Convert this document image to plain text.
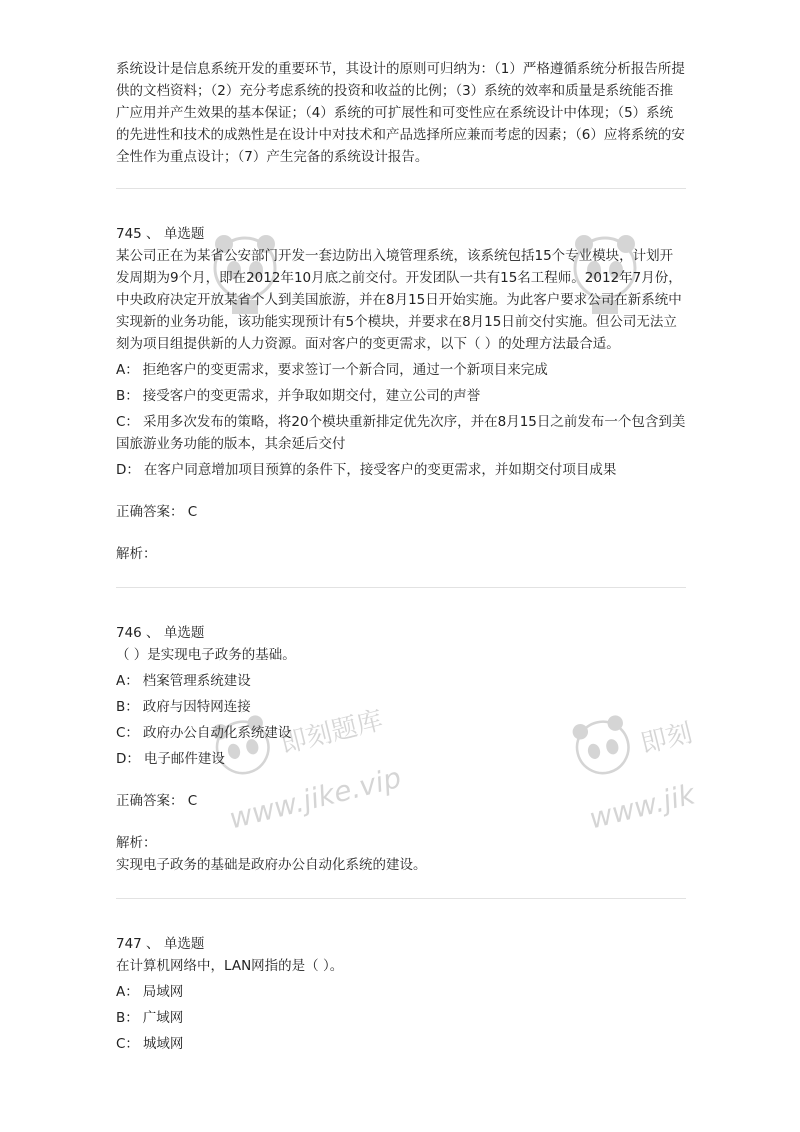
即刻题库
www.jike.vip
即刻
www.jik

系统设计是信息系统开发的重要环节，其设计的原则可归纳为：（1）严格遵循系统分析报告所提供的文档资料；（2）充分考虑系统的投资和收益的比例；（3）系统的效率和质量是系统能否推广应用并产生效果的基本保证；（4）系统的可扩展性和可变性应在系统设计中体现；（5）系统的先进性和技术的成熟性是在设计中对技术和产品选择所应兼而考虑的因素；（6）应将系统的安全性作为重点设计；（7）产生完备的系统设计报告。

745 、 单选题
某公司正在为某省公安部门开发一套边防出入境管理系统，该系统包括15个专业模块，计划开发周期为9个月，即在2012年10月底之前交付。开发团队一共有15名工程师。2012年7月份，中央政府决定开放某省个人到美国旅游，并在8月15日开始实施。为此客户要求公司在新系统中实现新的业务功能，该功能实现预计有5个模块，并要求在8月15日前交付实施。但公司无法立刻为项目组提供新的人力资源。面对客户的变更需求，以下（ ）的处理方法最合适。
A： 拒绝客户的变更需求，要求签订一个新合同，通过一个新项目来完成
B： 接受客户的变更需求，并争取如期交付，建立公司的声誉
C： 采用多次发布的策略，将20个模块重新排定优先次序，并在8月15日之前发布一个包含到美国旅游业务功能的版本，其余延后交付
D： 在客户同意增加项目预算的条件下，接受客户的变更需求，并如期交付项目成果
正确答案： C
解析：
746 、 单选题
（ ）是实现电子政务的基础。
A： 档案管理系统建设
B： 政府与因特网连接
C： 政府办公自动化系统建设
D： 电子邮件建设
正确答案： C
解析：
实现电子政务的基础是政府办公自动化系统的建设。
747 、 单选题
在计算机网络中，LAN网指的是（ ）。
A： 局域网
B： 广域网
C： 城域网
